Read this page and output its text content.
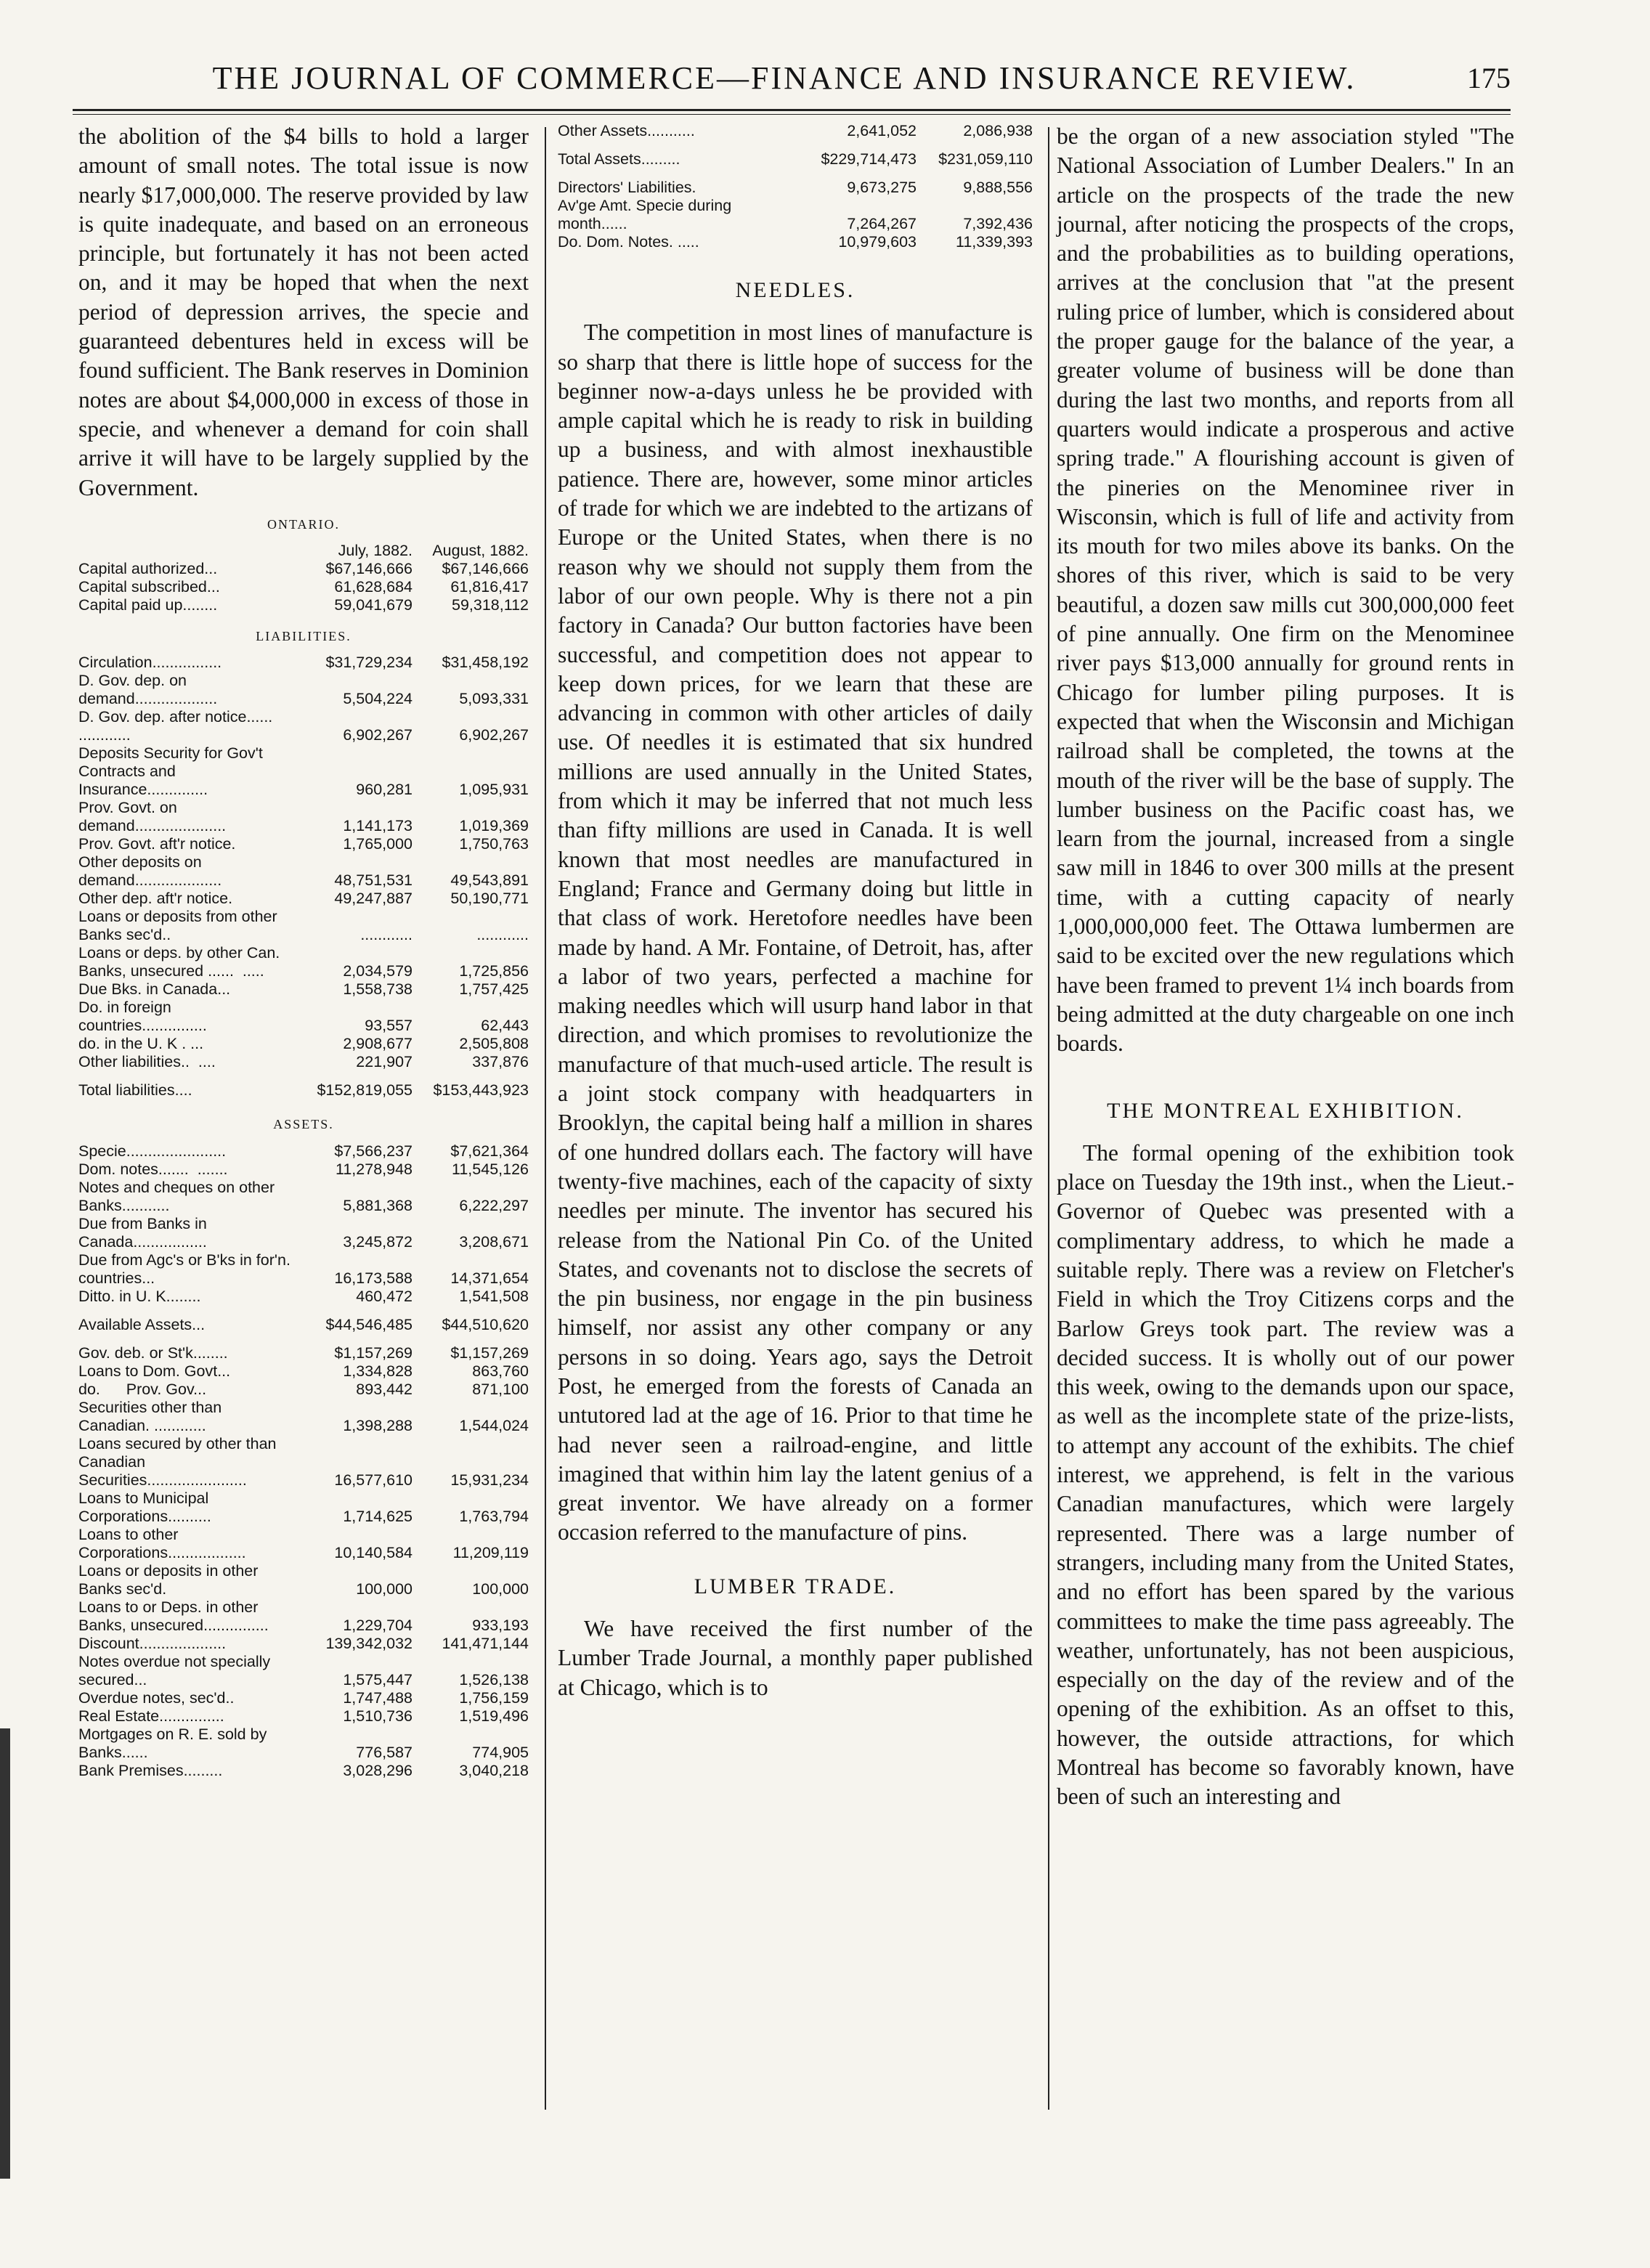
THE JOURNAL OF COMMERCE—FINANCE AND INSURANCE REVIEW.	175

the abolition of the $4 bills to hold a larger amount of small notes. The total issue is now nearly $17,000,000. The reserve provided by law is quite inadequate, and based on an erroneous principle, but fortunately it has not been acted on, and it may be hoped that when the next period of depression arrives, the specie and guaranteed debentures held in excess will be found sufficient. The Bank reserves in Dominion notes are about $4,000,000 in excess of those in specie, and whenever a demand for coin shall arrive it will have to be largely supplied by the Government.

ONTARIO.
	July, 1882.	August, 1882.
Capital authorized...	$67,146,666	$67,146,666
Capital subscribed...	61,628,684	61,816,417
Capital paid up........	59,041,679	59,318,112
LIABILITIES.
Circulation................	$31,729,234	$31,458,192
D. Gov. dep. on demand...................	5,504,224	5,093,331
D. Gov. dep. after notice......  ............	6,902,267	6,902,267
Deposits Security for Gov't Contracts and Insurance..............	960,281	1,095,931
Prov. Govt. on demand.....................	1,141,173	1,019,369
Prov. Govt. aft'r notice.	1,765,000	1,750,763
Other deposits on demand....................	48,751,531	49,543,891
Other dep. aft'r notice.	49,247,887	50,190,771
Loans or deposits from other Banks sec'd..	............	............
Loans or deps. by other Can. Banks, unsecured ......  .....	2,034,579	1,725,856
Due Bks. in Canada...	1,558,738	1,757,425
Do. in foreign countries...............	93,557	62,443
do. in the U. K . ...	2,908,677	2,505,808
Other liabilities..  ....	221,907	337,876
Total liabilities....	$152,819,055	$153,443,923
ASSETS.
Specie.......................	$7,566,237	$7,621,364
Dom. notes.......  .......	11,278,948	11,545,126
Notes and cheques on other Banks...........	5,881,368	6,222,297
Due from Banks in Canada.................	3,245,872	3,208,671
Due from Agc's or B'ks in for'n. countries...	16,173,588	14,371,654
Ditto. in U. K........	460,472	1,541,508
Available Assets...	$44,546,485	$44,510,620
Gov. deb. or St'k........	$1,157,269	$1,157,269
Loans to Dom. Govt...	1,334,828	863,760
do.      Prov. Gov...	893,442	871,100
Securities other than Canadian. ............	1,398,288	1,544,024
Loans secured by other than Canadian Securities.......................	16,577,610	15,931,234
Loans to Municipal Corporations..........	1,714,625	1,763,794
Loans to other Corporations..................	10,140,584	11,209,119
Loans or deposits in other Banks sec'd.	100,000	100,000
Loans to or Deps. in other Banks, unsecured...............	1,229,704	933,193
Discount....................	139,342,032	141,471,144
Notes overdue not specially secured...	1,575,447	1,526,138
Overdue notes, sec'd..	1,747,488	1,756,159
Real Estate...............	1,510,736	1,519,496
Mortgages on R. E. sold by Banks......	776,587	774,905
Bank Premises.........	3,028,296	3,040,218
Other Assets...........	2,641,052	2,086,938
Total Assets.........	$229,714,473	$231,059,110
Directors' Liabilities.	9,673,275	9,888,556
Av'ge Amt. Specie during month......	7,264,267	7,392,436
Do. Dom. Notes. .....	10,979,603	11,339,393
NEEDLES.

The competition in most lines of manufacture is so sharp that there is little hope of success for the beginner now-a-days unless he be provided with ample capital which he is ready to risk in building up a business, and with almost inexhaustible patience. There are, however, some minor articles of trade for which we are indebted to the artizans of Europe or the United States, when there is no reason why we should not supply them from the labor of our own people. Why is there not a pin factory in Canada? Our button factories have been successful, and competition does not appear to keep down prices, for we learn that these are advancing in common with other articles of daily use. Of needles it is estimated that six hundred millions are used annually in the United States, from which it may be inferred that not much less than fifty millions are used in Canada. It is well known that most needles are manufactured in England; France and Germany doing but little in that class of work. Heretofore needles have been made by hand. A Mr. Fontaine, of Detroit, has, after a labor of two years, perfected a machine for making needles which will usurp hand labor in that direction, and which promises to revolutionize the manufacture of that much-used article. The result is a joint stock company with headquarters in Brooklyn, the capital being half a million in shares of one hundred dollars each. The factory will have twenty-five machines, each of the capacity of sixty needles per minute. The inventor has secured his release from the National Pin Co. of the United States, and covenants not to disclose the secrets of the pin business, nor engage in the pin business himself, nor assist any other company or any persons in so doing. Years ago, says the Detroit Post, he emerged from the forests of Canada an untutored lad at the age of 16. Prior to that time he had never seen a railroad-engine, and little imagined that within him lay the latent genius of a great inventor. We have already on a former occasion referred to the manufacture of pins.

LUMBER TRADE.

We have received the first number of the Lumber Trade Journal, a monthly paper published at Chicago, which is to

be the organ of a new association styled "The National Association of Lumber Dealers." In an article on the prospects of the trade the new journal, after noticing the prospects of the crops, and the probabilities as to building operations, arrives at the conclusion that "at the present ruling price of lumber, which is considered about the proper gauge for the balance of the year, a greater volume of business will be done than during the last two months, and reports from all quarters would indicate a prosperous and active spring trade." A flourishing account is given of the pineries on the Menominee river in Wisconsin, which is full of life and activity from its mouth for two miles above its banks. On the shores of this river, which is said to be very beautiful, a dozen saw mills cut 300,000,000 feet of pine annually. One firm on the Menominee river pays $13,000 annually for ground rents in Chicago for lumber piling purposes. It is expected that when the Wisconsin and Michigan railroad shall be completed, the towns at the mouth of the river will be the base of supply. The lumber business on the Pacific coast has, we learn from the journal, increased from a single saw mill in 1846 to over 300 mills at the present time, with a cutting capacity of nearly 1,000,000,000 feet. The Ottawa lumbermen are said to be excited over the new regulations which have been framed to prevent 1¼ inch boards from being admitted at the duty chargeable on one inch boards.

THE MONTREAL EXHIBITION.

The formal opening of the exhibition took place on Tuesday the 19th inst., when the Lieut.-Governor of Quebec was presented with a complimentary address, to which he made a suitable reply. There was a review on Fletcher's Field in which the Troy Citizens corps and the Barlow Greys took part. The review was a decided success. It is wholly out of our power this week, owing to the demands upon our space, as well as the incomplete state of the prize-lists, to attempt any account of the exhibits. The chief interest, we apprehend, is felt in the various Canadian manufactures, which were largely represented. There was a large number of strangers, including many from the United States, and no effort has been spared by the various committees to make the time pass agreeably. The weather, unfortunately, has not been auspicious, especially on the day of the review and of the opening of the exhibition. As an offset to this, however, the outside attractions, for which Montreal has become so favorably known, have been of such an interesting and
